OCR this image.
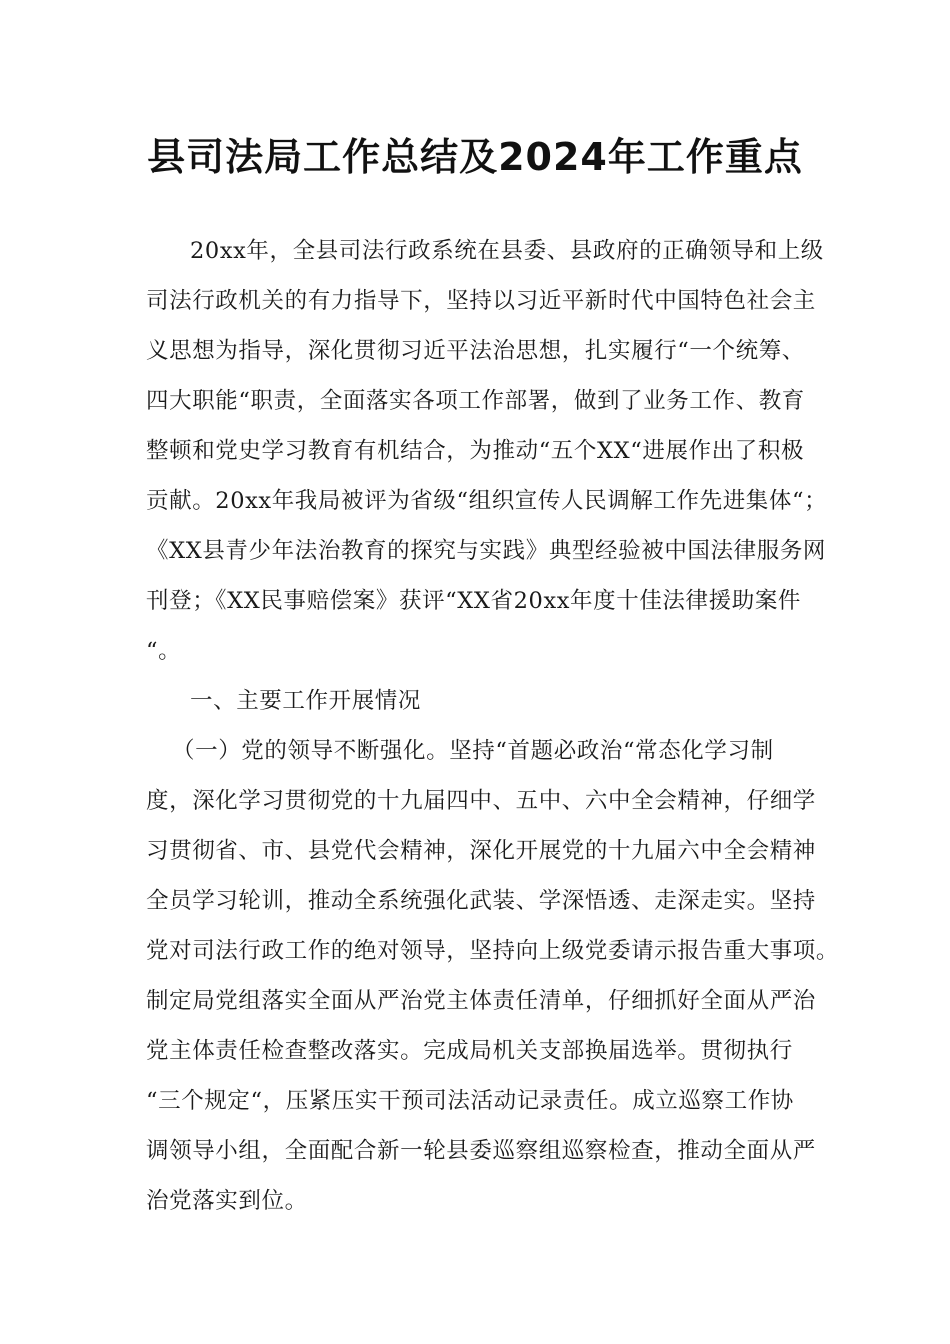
县司法局工作总结及2024年工作重点
20xx年，全县司法行政系统在县委、县政府的正确领导和上级
司法行政机关的有力指导下，坚持以习近平新时代中国特色社会主
义思想为指导，深化贯彻习近平法治思想，扎实履行“一个统筹、
四大职能“职责，全面落实各项工作部署，做到了业务工作、教育
整顿和党史学习教育有机结合，为推动“五个XX“进展作出了积极
贡献。20xx年我局被评为省级“组织宣传人民调解工作先进集体“；
《XX县青少年法治教育的探究与实践》典型经验被中国法律服务网
刊登；《XX民事赔偿案》获评“XX省20xx年度十佳法律援助案件
“。
一、主要工作开展情况
（一）党的领导不断强化。坚持“首题必政治“常态化学习制
度，深化学习贯彻党的十九届四中、五中、六中全会精神，仔细学
习贯彻省、市、县党代会精神，深化开展党的十九届六中全会精神
全员学习轮训，推动全系统强化武装、学深悟透、走深走实。坚持
党对司法行政工作的绝对领导，坚持向上级党委请示报告重大事项。
制定局党组落实全面从严治党主体责任清单，仔细抓好全面从严治
党主体责任检查整改落实。完成局机关支部换届选举。贯彻执行
“三个规定“，压紧压实干预司法活动记录责任。成立巡察工作协
调领导小组，全面配合新一轮县委巡察组巡察检查，推动全面从严
治党落实到位。
